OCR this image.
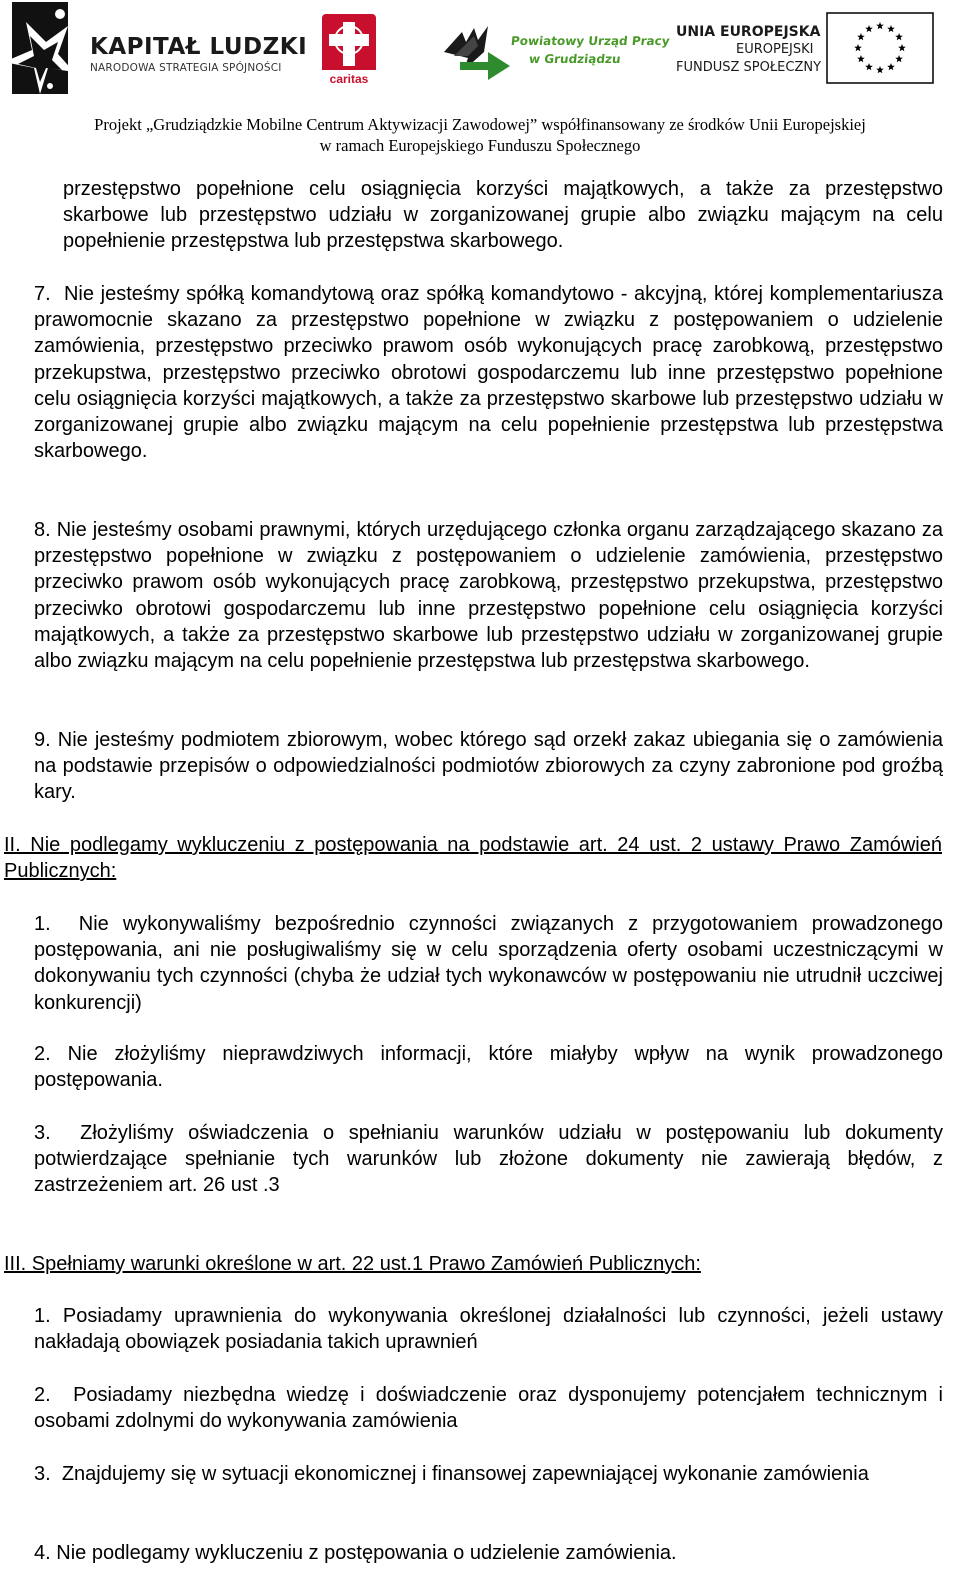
KAPITAŁ LUDZKI
NARODOWA STRATEGIA SPÓJNOŚCI
caritas
Powiatowy Urząd Pracy
w Grudziądzu
UNIA EUROPEJSKA
EUROPEJSKI
FUNDUSZ SPOŁECZNY
Projekt „Grudziądzkie Mobilne Centrum Aktywizacji Zawodowej” współfinansowany ze środków Unii Europejskiej
w ramach Europejskiego Funduszu Społecznego
przestępstwo popełnione celu osiągnięcia korzyści majątkowych, a także za przestępstwo skarbowe lub przestępstwo udziału w zorganizowanej grupie albo związku mającym na celu popełnienie przestępstwa lub przestępstwa skarbowego.
7. Nie jesteśmy spółką komandytową oraz spółką komandytowo - akcyjną, której komplementariusza prawomocnie skazano za przestępstwo popełnione w związku z postępowaniem o udzielenie zamówienia, przestępstwo przeciwko prawom osób wykonujących pracę zarobkową, przestępstwo przekupstwa, przestępstwo przeciwko obrotowi gospodarczemu lub inne przestępstwo popełnione celu osiągnięcia korzyści majątkowych, a także za przestępstwo skarbowe lub przestępstwo udziału w zorganizowanej grupie albo związku mającym na celu popełnienie przestępstwa lub przestępstwa skarbowego.
8. Nie jesteśmy osobami prawnymi, których urzędującego członka organu zarządzającego skazano za przestępstwo popełnione w związku z postępowaniem o udzielenie zamówienia, przestępstwo przeciwko prawom osób wykonujących pracę zarobkową, przestępstwo przekupstwa, przestępstwo przeciwko obrotowi gospodarczemu lub inne przestępstwo popełnione celu osiągnięcia korzyści majątkowych, a także za przestępstwo skarbowe lub przestępstwo udziału w zorganizowanej grupie albo związku mającym na celu popełnienie przestępstwa lub przestępstwa skarbowego.
9. Nie jesteśmy podmiotem zbiorowym, wobec którego sąd orzekł zakaz ubiegania się o zamówienia na podstawie przepisów o odpowiedzialności podmiotów zbiorowych za czyny zabronione pod groźbą kary.
II. Nie podlegamy wykluczeniu z postępowania na podstawie art. 24 ust. 2 ustawy Prawo Zamówień Publicznych:
1. Nie wykonywaliśmy bezpośrednio czynności związanych z przygotowaniem prowadzonego postępowania, ani nie posługiwaliśmy się w celu sporządzenia oferty osobami uczestniczącymi w dokonywaniu tych czynności (chyba że udział tych wykonawców w postępowaniu nie utrudnił uczciwej konkurencji)
2. Nie złożyliśmy nieprawdziwych informacji, które miałyby wpływ na wynik prowadzonego postępowania.
3. Złożyliśmy oświadczenia o spełnianiu warunków udziału w postępowaniu lub dokumenty potwierdzające spełnianie tych warunków lub złożone dokumenty nie zawierają błędów, z zastrzeżeniem art. 26 ust .3
III. Spełniamy warunki określone w art. 22 ust.1 Prawo Zamówień Publicznych:
1. Posiadamy uprawnienia do wykonywania określonej działalności lub czynności, jeżeli ustawy nakładają obowiązek posiadania takich uprawnień
2. Posiadamy niezbędna wiedzę i doświadczenie oraz dysponujemy potencjałem technicznym i osobami zdolnymi do wykonywania zamówienia
3. Znajdujemy się w sytuacji ekonomicznej i finansowej zapewniającej wykonanie zamówienia
4. Nie podlegamy wykluczeniu z postępowania o udzielenie zamówienia.
